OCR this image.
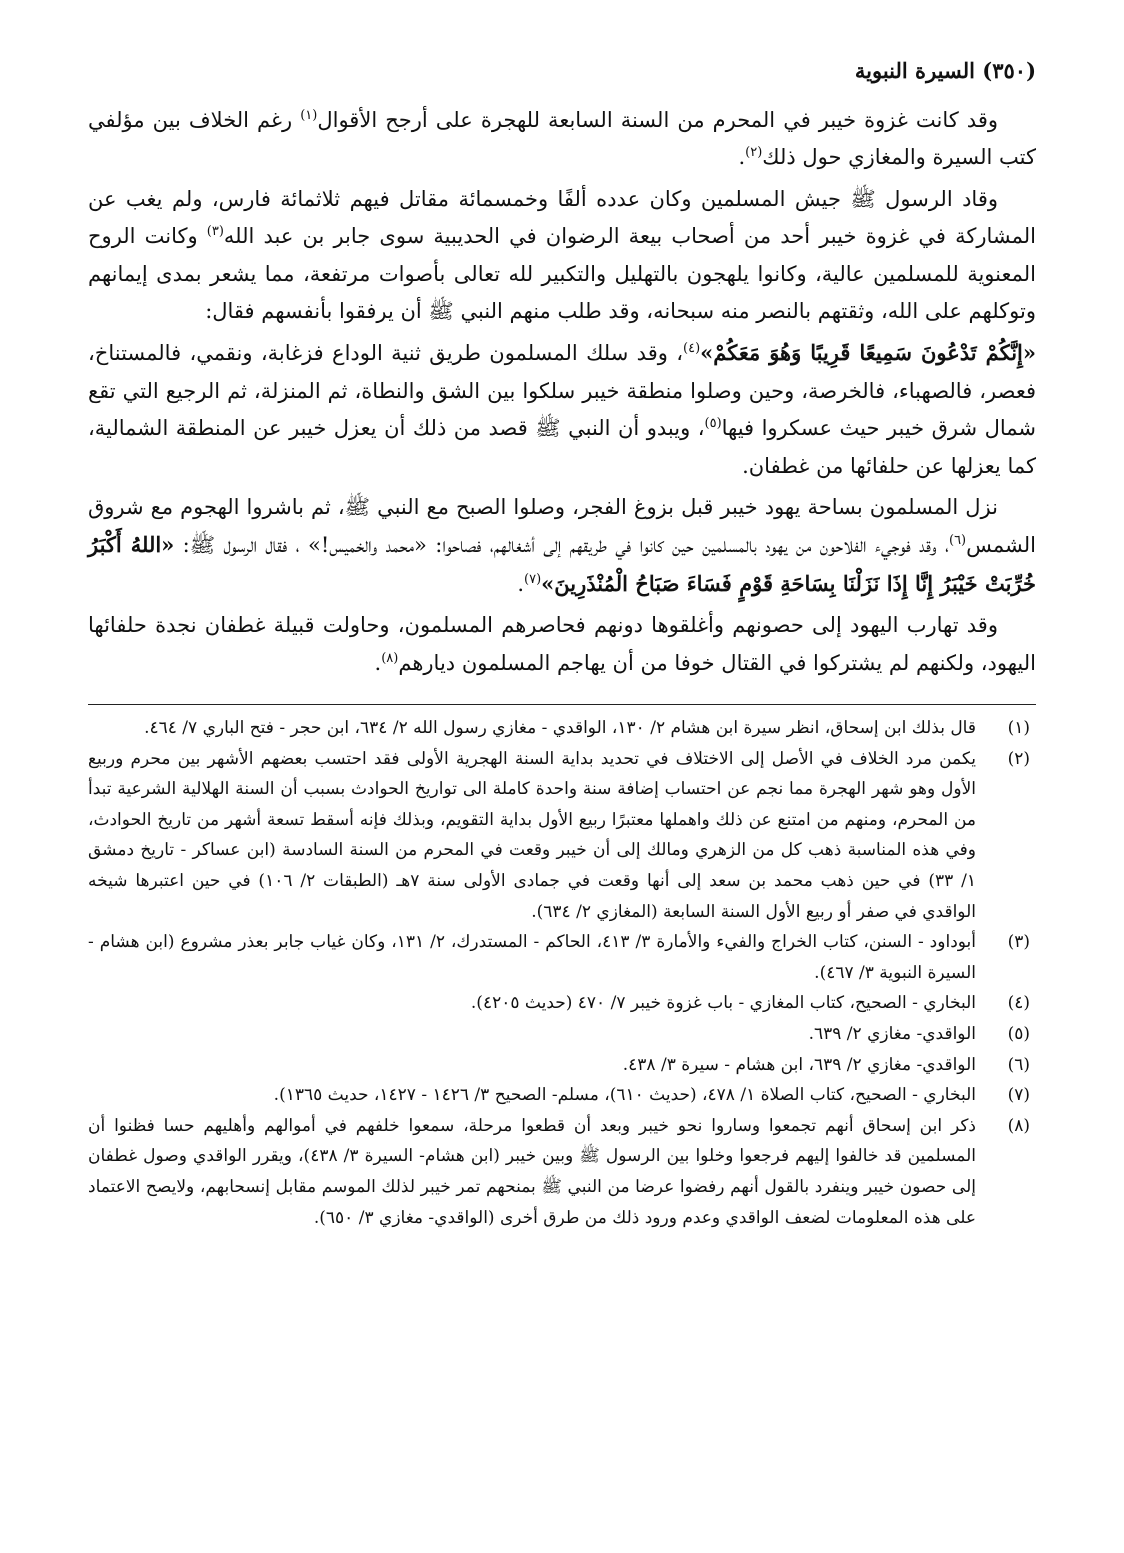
(٣٥٠) السيرة النبوية

وقد كانت غزوة خيبر في المحرم من السنة السابعة للهجرة على أرجح الأقوال$^{(١)}$ رغم الخلاف بين مؤلفي كتب السيرة والمغازي حول ذلك$^{(٢)}$.

وقاد الرسول ﷺ جيش المسلمين وكان عدده ألفًا وخمسمائة مقاتل فيهم ثلاثمائة فارس، ولم يغب عن المشاركة في غزوة خيبر أحد من أصحاب بيعة الرضوان في الحديبية سوى جابر بن عبد الله$^{(٣)}$ وكانت الروح المعنوية للمسلمين عالية، وكانوا يلهجون بالتهليل والتكبير لله تعالى بأصوات مرتفعة، مما يشعر بمدى إيمانهم وتوكلهم على الله، وثقتهم بالنصر منه سبحانه، وقد طلب منهم النبي ﷺ أن يرفقوا بأنفسهم فقال:

«إِنَّكُمْ تَدْعُونَ سَمِيعًا قَرِيبًا وَهُوَ مَعَكُمْ»$^{(٤)}$، وقد سلك المسلمون طريق ثنية الوداع فزغابة، ونقمي، فالمستناخ، فعصر، فالصهباء، فالخرصة، وحين وصلوا منطقة خيبر سلكوا بين الشق والنطاة، ثم المنزلة، ثم الرجيع التي تقع شمال شرق خيبر حيث عسكروا فيها$^{(٥)}$، ويبدو أن النبي ﷺ قصد من ذلك أن يعزل خيبر عن المنطقة الشمالية، كما يعزلها عن حلفائها من غطفان.

نزل المسلمون بساحة يهود خيبر قبل بزوغ الفجر، وصلوا الصبح مع النبي ﷺ، ثم باشروا الهجوم مع شروق الشمس$^{(٦)}$، وقد فوجيء الفلاحون من يهود بالمسلمين حين كانوا في طريقهم إلى أشغالهم، فصاحوا: «محمد والخميس!» ، فقال الرسول ﷺ: «اللهُ أَكْبَرُ خُرِّبَتْ خَيْبَرُ إِنَّا إِذَا نَزَلْنَا بِسَاحَةِ قَوْمٍ فَسَاءَ صَبَاحُ الْمُنْذَرِينَ»$^{(٧)}$.

وقد تهارب اليهود إلى حصونهم وأغلقوها دونهم فحاصرهم المسلمون، وحاولت قبيلة غطفان نجدة حلفائها اليهود، ولكنهم لم يشتركوا في القتال خوفا من أن يهاجم المسلمون ديارهم$^{(٨)}$.

(١)
قال بذلك ابن إسحاق، انظر سيرة ابن هشام ٢/ ١٣٠، الواقدي - مغازي رسول الله ٢/ ٦٣٤، ابن حجر - فتح الباري ٧/ ٤٦٤.
(٢)
يكمن مرد الخلاف في الأصل إلى الاختلاف في تحديد بداية السنة الهجرية الأولى فقد احتسب بعضهم الأشهر بين محرم وربيع الأول وهو شهر الهجرة مما نجم عن احتساب إضافة سنة واحدة كاملة الى تواريخ الحوادث بسبب أن السنة الهلالية الشرعية تبدأ من المحرم، ومنهم من امتنع عن ذلك واهملها معتبرًا ربيع الأول بداية التقويم، وبذلك فإنه أسقط تسعة أشهر من تاريخ الحوادث، وفي هذه المناسبة ذهب كل من الزهري ومالك إلى أن خيبر وقعت في المحرم من السنة السادسة (ابن عساكر - تاريخ دمشق ١/ ٣٣) في حين ذهب محمد بن سعد إلى أنها وقعت في جمادى الأولى سنة ٧هـ (الطبقات ٢/ ١٠٦) في حين اعتبرها شيخه الواقدي في صفر أو ربيع الأول السنة السابعة (المغازي ٢/ ٦٣٤).
(٣)
أبوداود - السنن، كتاب الخراج والفيء والأمارة ٣/ ٤١٣، الحاكم - المستدرك، ٢/ ١٣١، وكان غياب جابر بعذر مشروع (ابن هشام - السيرة النبوية ٣/ ٤٦٧).
(٤)
البخاري - الصحيح، كتاب المغازي - باب غزوة خيبر ٧/ ٤٧٠ (حديث ٤٢٠٥).
(٥)
الواقدي- مغازي ٢/ ٦٣٩.
(٦)
الواقدي- مغازي ٢/ ٦٣٩، ابن هشام - سيرة ٣/ ٤٣٨.
(٧)
البخاري - الصحيح، كتاب الصلاة ١/ ٤٧٨، (حديث ٦١٠)، مسلم- الصحيح ٣/ ١٤٢٦ - ١٤٢٧، حديث ١٣٦٥).
(٨)
ذكر ابن إسحاق أنهم تجمعوا وساروا نحو خيبر وبعد أن قطعوا مرحلة، سمعوا خلفهم في أموالهم وأهليهم حسا فظنوا أن المسلمين قد خالفوا إليهم فرجعوا وخلوا بين الرسول ﷺ وبين خيبر (ابن هشام- السيرة ٣/ ٤٣٨)، ويقرر الواقدي وصول غطفان إلى حصون خيبر وينفرد بالقول أنهم رفضوا عرضا من النبي ﷺ بمنحهم تمر خيبر لذلك الموسم مقابل إنسحابهم، ولايصح الاعتماد على هذه المعلومات لضعف الواقدي وعدم ورود ذلك من طرق أخرى (الواقدي- مغازي ٣/ ٦٥٠).
